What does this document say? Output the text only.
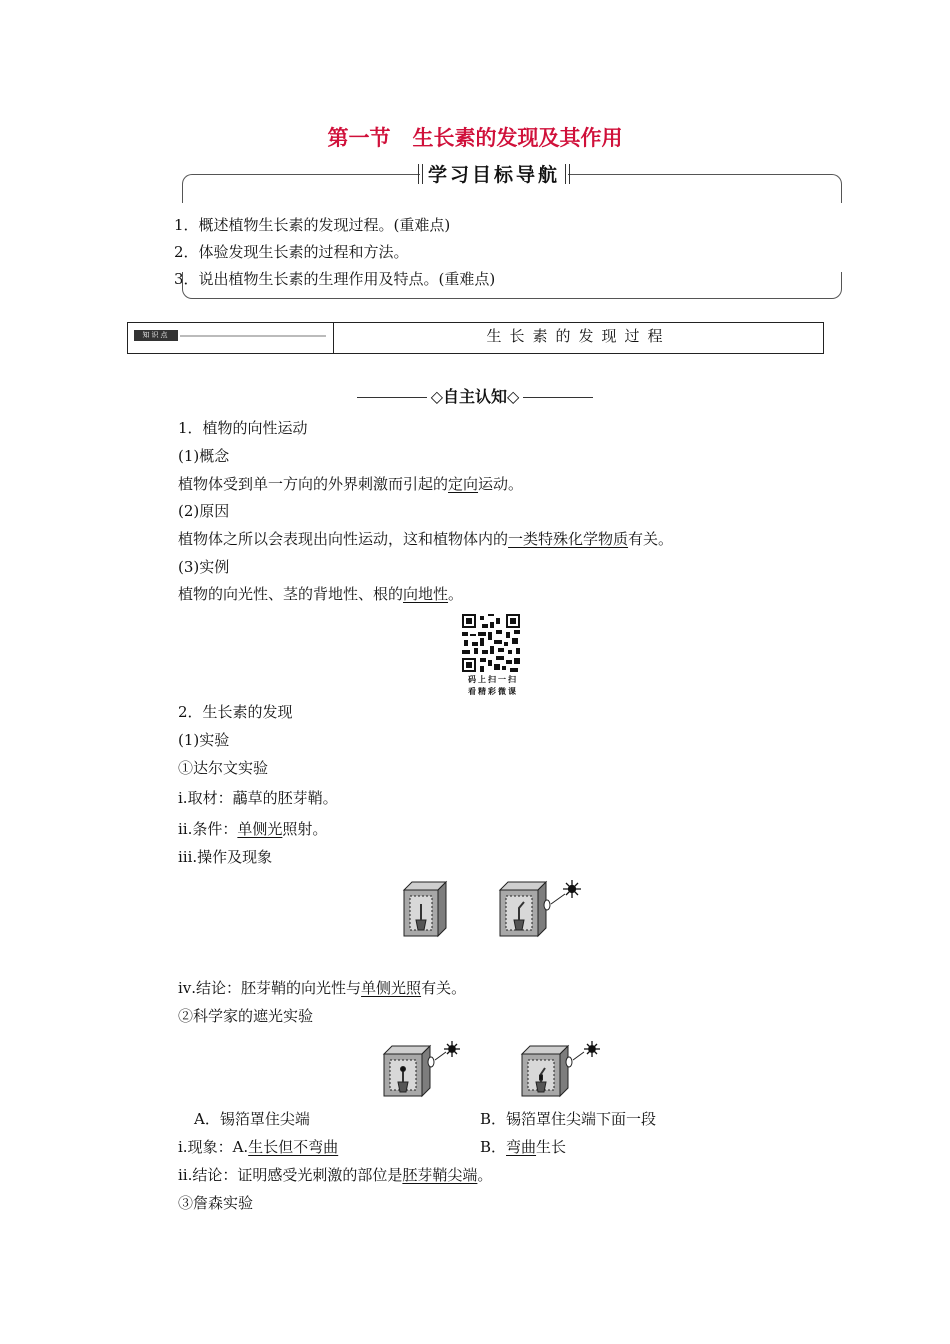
第一节 生长素的发现及其作用
学习目标导航
1．概述植物生长素的发现过程。(重难点)
2．体验发现生长素的过程和方法。
3．说出植物生长素的生理作用及特点。(重难点)
知识点	生长素的发现过程
◇自主认知◇
1．植物的向性运动
(1)概念
植物体受到单一方向的外界刺激而引起的定向运动。
(2)原因
植物体之所以会表现出向性运动，这和植物体内的一类特殊化学物质有关。
(3)实例
植物的向光性、茎的背地性、根的向地性。
码上扫一扫
看精彩微课
2．生长素的发现
(1)实验
①达尔文实验
ⅰ.取材：虉草的胚芽鞘。
ⅱ.条件：单侧光照射。
ⅲ.操作及现象
ⅳ.结论：胚芽鞘的向光性与单侧光照有关。
②科学家的遮光实验
A．锡箔罩住尖端	B．锡箔罩住尖端下面一段
ⅰ.现象：A.生长但不弯曲	B．弯曲生长
ⅱ.结论：证明感受光刺激的部位是胚芽鞘尖端。
③詹森实验
